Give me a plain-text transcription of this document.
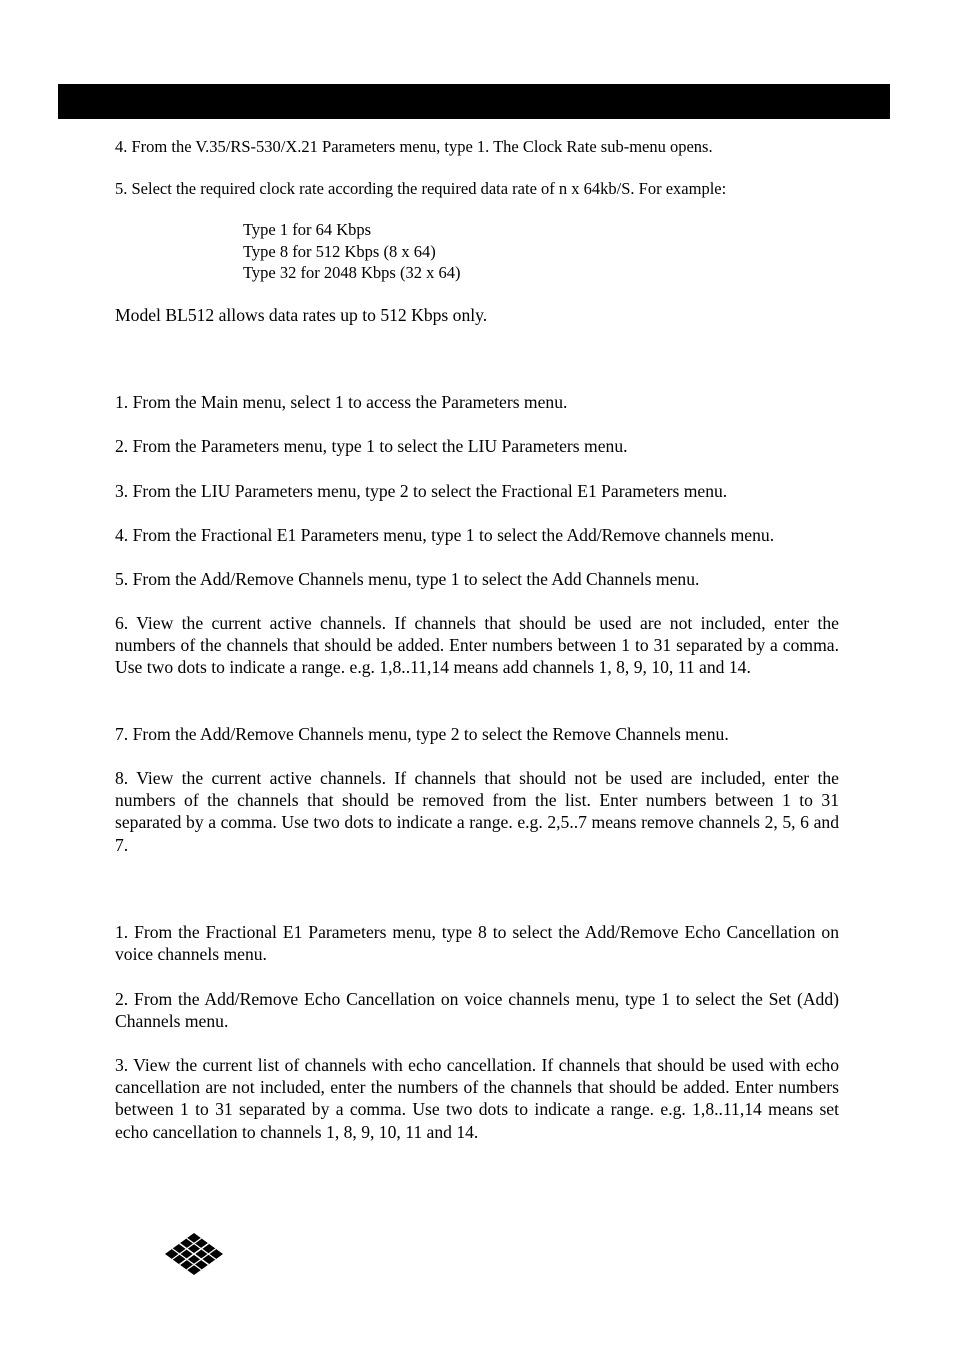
4. From the V.35/RS-530/X.21 Parameters menu, type 1. The Clock Rate sub-menu opens.
5. Select the required clock rate according the required data rate of n x 64kb/S. For example:
Type 1 for 64 Kbps
Type 8 for 512 Kbps (8 x 64)
Type 32 for 2048 Kbps (32 x 64)
Model BL512 allows data rates up to 512 Kbps only.
1. From the Main menu, select 1 to access the Parameters menu.
2. From the Parameters menu, type 1 to select the LIU Parameters menu.
3. From the LIU Parameters menu, type 2 to select the Fractional E1 Parameters menu.
4. From the Fractional E1 Parameters menu, type 1 to select the Add/Remove channels menu.
5. From the Add/Remove Channels menu, type 1 to select the Add Channels menu.
6. View the current active channels. If channels that should be used are not included, enter the numbers of the channels that should be added. Enter numbers between 1 to 31 separated by a comma. Use two dots to indicate a range. e.g. 1,8..11,14 means add channels 1, 8, 9, 10, 11 and 14.
7. From the Add/Remove Channels menu, type 2 to select the Remove Channels menu.
8. View the current active channels. If channels that should not be used are included, enter the numbers of the channels that should be removed from the list. Enter numbers between 1 to 31 separated by a comma. Use two dots to indicate a range. e.g. 2,5..7 means remove channels 2, 5, 6 and 7.
1. From the Fractional E1 Parameters menu, type 8 to select the Add/Remove Echo Cancellation on voice channels menu.
2. From the Add/Remove Echo Cancellation on voice channels menu, type 1 to select the Set (Add) Channels menu.
3. View the current list of channels with echo cancellation. If channels that should be used with echo cancellation are not included, enter the numbers of the channels that should be added. Enter numbers between 1 to 31 separated by a comma. Use two dots to indicate a range. e.g. 1,8..11,14 means set echo cancellation to channels 1, 8, 9, 10, 11 and 14.
